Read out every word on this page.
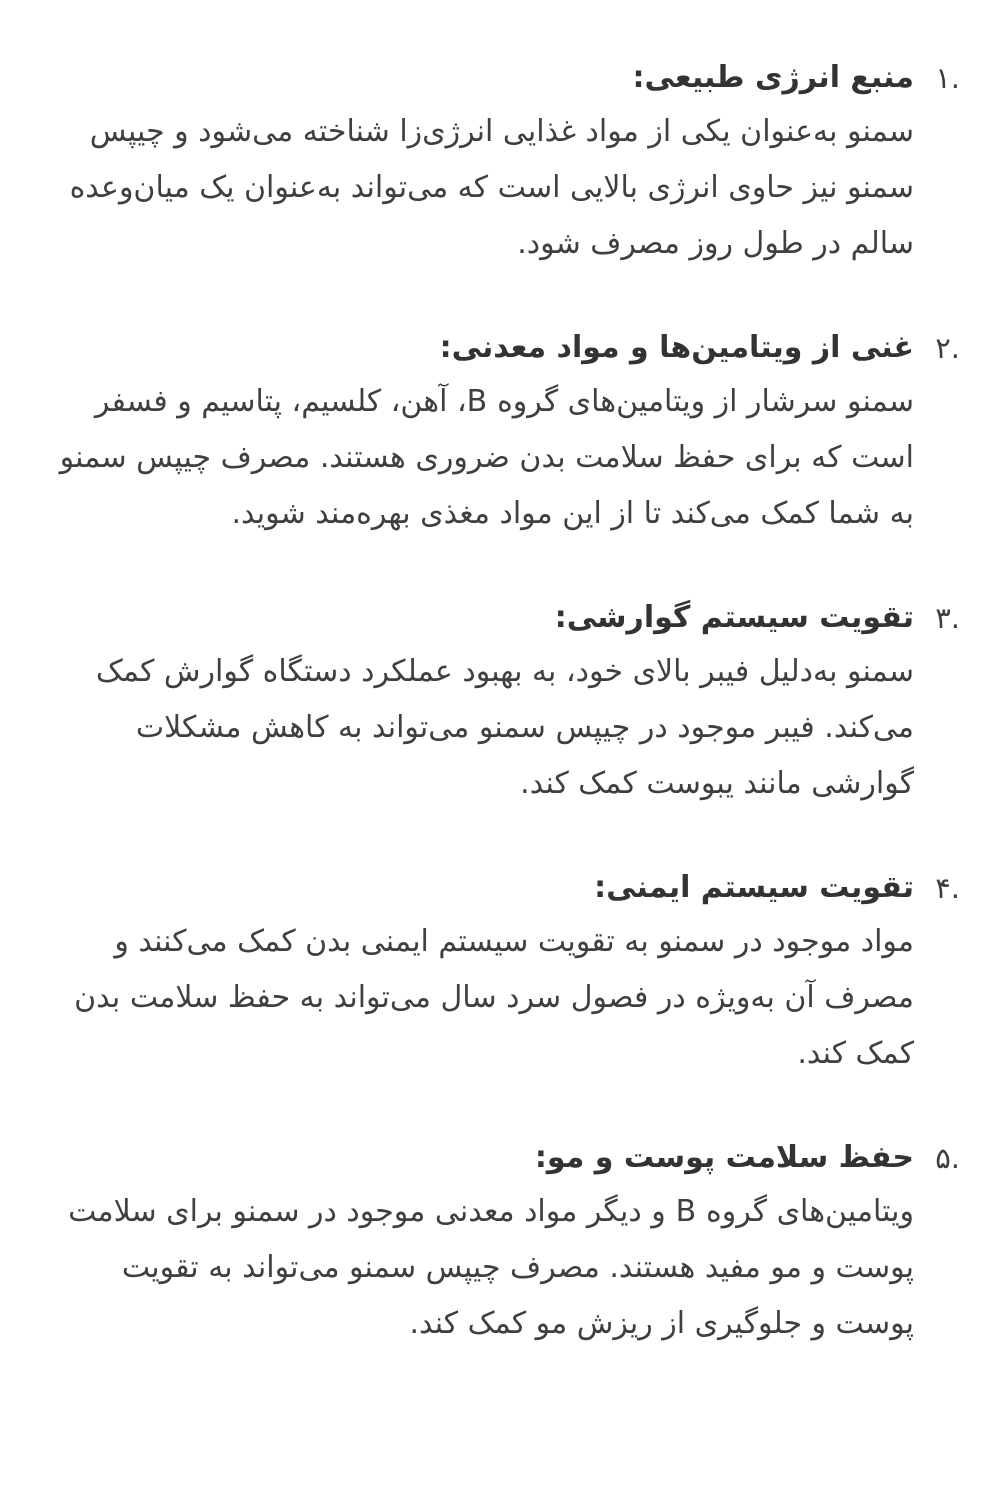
۱.
منبع انرژی طبیعی:

سمنو به‌عنوان یکی از مواد غذایی انرژی‌زا شناخته می‌شود و چیپس سمنو نیز حاوی انرژی بالایی است که می‌تواند به‌عنوان یک میان‌وعده سالم در طول روز مصرف شود.

۲.
غنی از ویتامین‌ها و مواد معدنی:

سمنو سرشار از ویتامین‌های گروه B، آهن، کلسیم، پتاسیم و فسفر است که برای حفظ سلامت بدن ضروری هستند. مصرف چیپس سمنو به شما کمک می‌کند تا از این مواد مغذی بهره‌مند شوید.

۳.
تقویت سیستم گوارشی:

سمنو به‌دلیل فیبر بالای خود، به بهبود عملکرد دستگاه گوارش کمک می‌کند. فیبر موجود در چیپس سمنو می‌تواند به کاهش مشکلات گوارشی مانند یبوست کمک کند.

۴.
تقویت سیستم ایمنی:

مواد موجود در سمنو به تقویت سیستم ایمنی بدن کمک می‌کنند و مصرف آن به‌ویژه در فصول سرد سال می‌تواند به حفظ سلامت بدن کمک کند.

۵.
حفظ سلامت پوست و مو:

ویتامین‌های گروه B و دیگر مواد معدنی موجود در سمنو برای سلامت پوست و مو مفید هستند. مصرف چیپس سمنو می‌تواند به تقویت پوست و جلوگیری از ریزش مو کمک کند.
